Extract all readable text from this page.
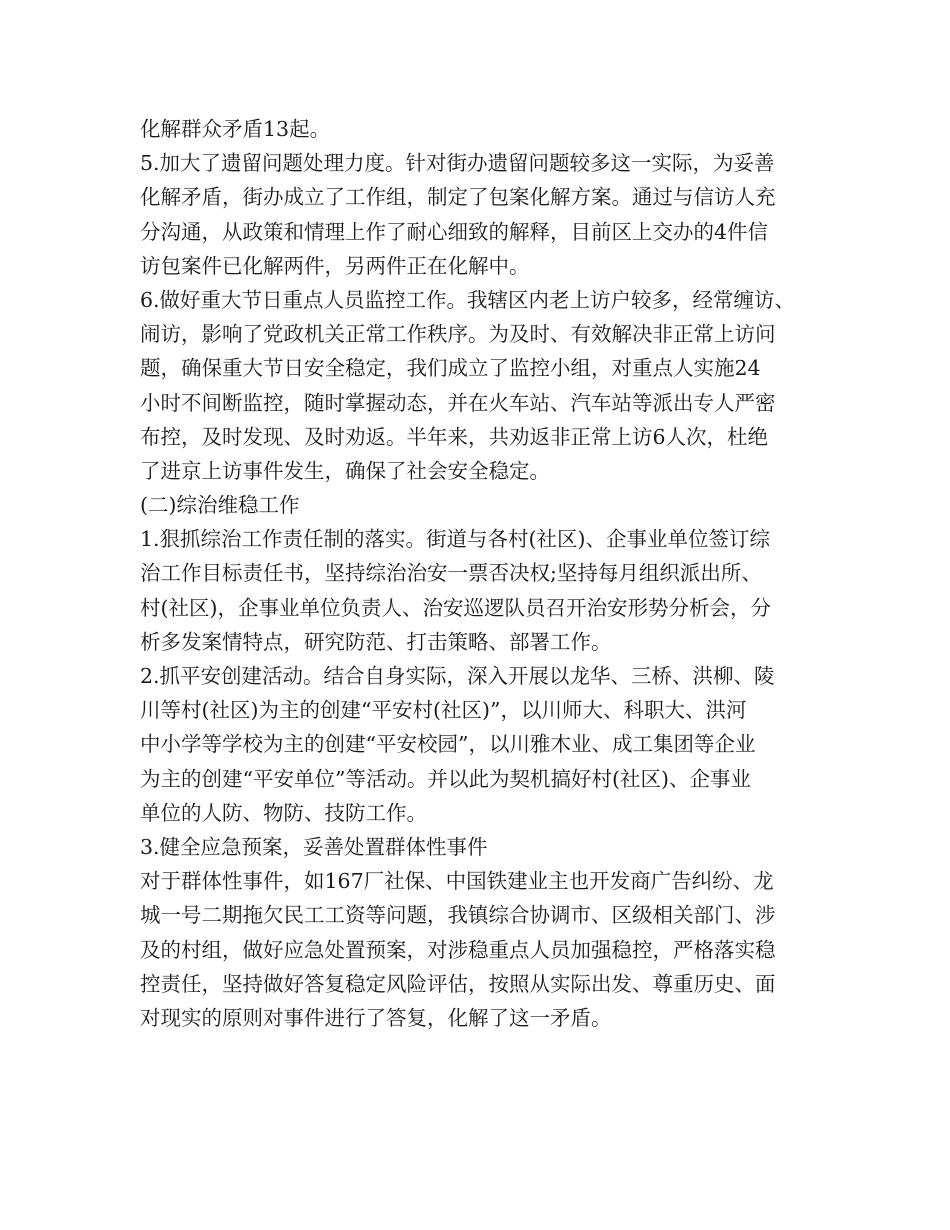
化解群众矛盾13起。
5.加大了遗留问题处理力度。针对街办遗留问题较多这一实际，为妥善
化解矛盾，街办成立了工作组，制定了包案化解方案。通过与信访人充
分沟通，从政策和情理上作了耐心细致的解释，目前区上交办的4件信
访包案件已化解两件，另两件正在化解中。
6.做好重大节日重点人员监控工作。我辖区内老上访户较多，经常缠访、
闹访，影响了党政机关正常工作秩序。为及时、有效解决非正常上访问
题，确保重大节日安全稳定，我们成立了监控小组，对重点人实施24
小时不间断监控，随时掌握动态，并在火车站、汽车站等派出专人严密
布控，及时发现、及时劝返。半年来，共劝返非正常上访6人次，杜绝
了进京上访事件发生，确保了社会安全稳定。
(二)综治维稳工作
1.狠抓综治工作责任制的落实。街道与各村(社区)、企事业单位签订综
治工作目标责任书，坚持综治治安一票否决权;坚持每月组织派出所、
村(社区)，企事业单位负责人、治安巡逻队员召开治安形势分析会，分
析多发案情特点，研究防范、打击策略、部署工作。
2.抓平安创建活动。结合自身实际，深入开展以龙华、三桥、洪柳、陵
川等村(社区)为主的创建“平安村(社区)”，以川师大、科职大、洪河
中小学等学校为主的创建“平安校园”，以川雅木业、成工集团等企业
为主的创建“平安单位”等活动。并以此为契机搞好村(社区)、企事业
单位的人防、物防、技防工作。
3.健全应急预案，妥善处置群体性事件
对于群体性事件，如167厂社保、中国铁建业主也开发商广告纠纷、龙
城一号二期拖欠民工工资等问题，我镇综合协调市、区级相关部门、涉
及的村组，做好应急处置预案，对涉稳重点人员加强稳控，严格落实稳
控责任，坚持做好答复稳定风险评估，按照从实际出发、尊重历史、面
对现实的原则对事件进行了答复，化解了这一矛盾。
